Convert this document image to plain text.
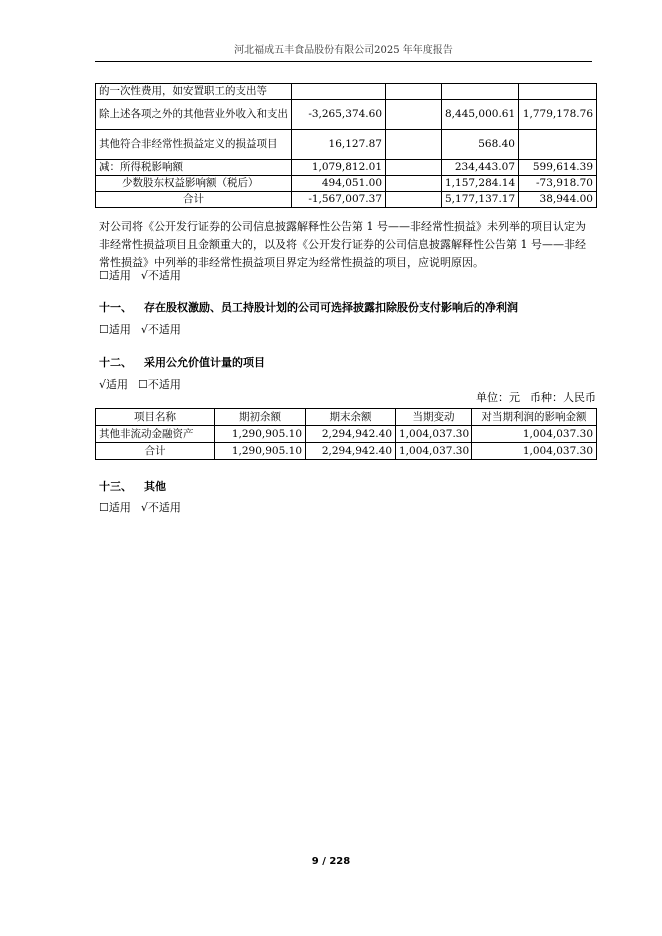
河北福成五丰食品股份有限公司2025 年年度报告
的一次性费用，如安置职工的支出等				
除上述各项之外的其他营业外收入和支出	-3,265,374.60		8,445,000.61	1,779,178.76
其他符合非经常性损益定义的损益项目	16,127.87		568.40	
减：所得税影响额	1,079,812.01		234,443.07	599,614.39
少数股东权益影响额（税后）	494,051.00		1,157,284.14	-73,918.70
合计	-1,567,007.37		5,177,137.17	38,944.00
对公司将《公开发行证券的公司信息披露解释性公告第 1 号——非经常性损益》未列举的项目认定为非经常性损益项目且金额重大的，以及将《公开发行证券的公司信息披露解释性公告第 1 号——非经常性损益》中列举的非经常性损益项目界定为经常性损益的项目，应说明原因。
☐适用 √不适用
十一、 存在股权激励、员工持股计划的公司可选择披露扣除股份支付影响后的净利润
☐适用 √不适用
十二、 采用公允价值计量的项目
√适用 ☐不适用
单位：元 币种：人民币
项目名称	期初余额	期末余额	当期变动	对当期利润的影响金额
其他非流动金融资产	1,290,905.10	2,294,942.40	1,004,037.30	1,004,037.30
合计	1,290,905.10	2,294,942.40	1,004,037.30	1,004,037.30
十三、 其他
☐适用 √不适用
9 / 228
